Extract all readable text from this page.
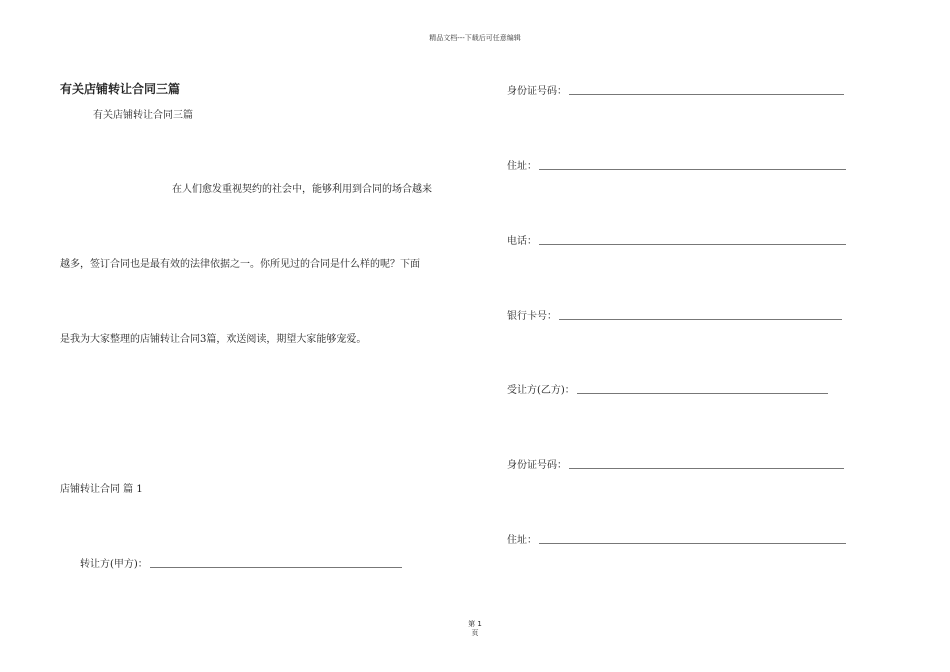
精品文档---下载后可任意编辑
有关店铺转让合同三篇
有关店铺转让合同三篇
在人们愈发重视契约的社会中，能够利用到合同的场合越来
越多，签订合同也是最有效的法律依据之一。你所见过的合同是什么样的呢？下面
是我为大家整理的店铺转让合同3篇，欢送阅读，期望大家能够宠爱。
店铺转让合同 篇 1
转让方(甲方)：
身份证号码：
住址：
电话：
银行卡号：
受让方(乙方)：
身份证号码：
住址：
第 1
页
